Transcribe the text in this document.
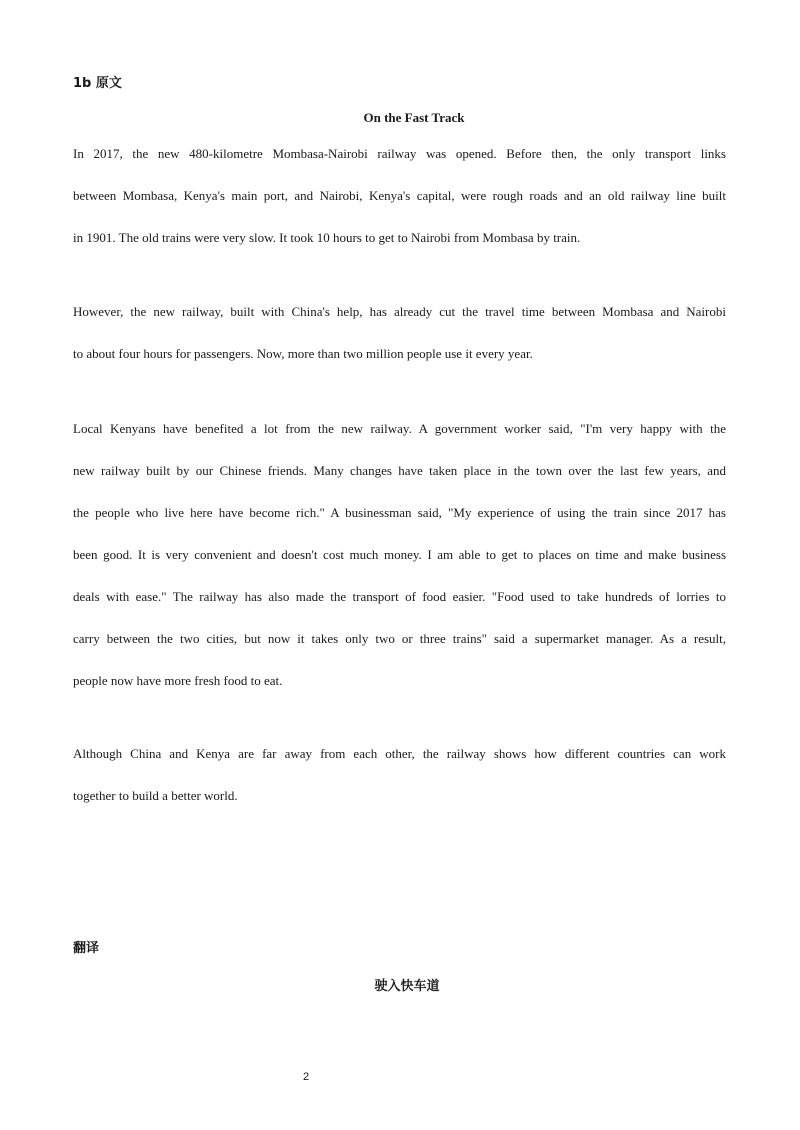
1b 原文
On the Fast Track
In 2017, the new 480-kilometre Mombasa-Nairobi railway was opened. Before then, the only transport links
between Mombasa, Kenya's main port, and Nairobi, Kenya's capital, were rough roads and an old railway line built
in 1901. The old trains were very slow. It took 10 hours to get to Nairobi from Mombasa by train.
However, the new railway, built with China's help, has already cut the travel time between Mombasa and Nairobi
to about four hours for passengers. Now, more than two million people use it every year.
Local Kenyans have benefited a lot from the new railway. A government worker said, "I'm very happy with the
new railway built by our Chinese friends. Many changes have taken place in the town over the last few years, and
the people who live here have become rich." A businessman said, "My experience of using the train since 2017 has
been good. It is very convenient and doesn't cost much money. I am able to get to places on time and make business
deals with ease." The railway has also made the transport of food easier. "Food used to take hundreds of lorries to
carry between the two cities, but now it takes only two or three trains" said a supermarket manager. As a result,
people now have more fresh food to eat.
Although China and Kenya are far away from each other, the railway shows how different countries can work
together to build a better world.
翻译
驶入快车道
2
